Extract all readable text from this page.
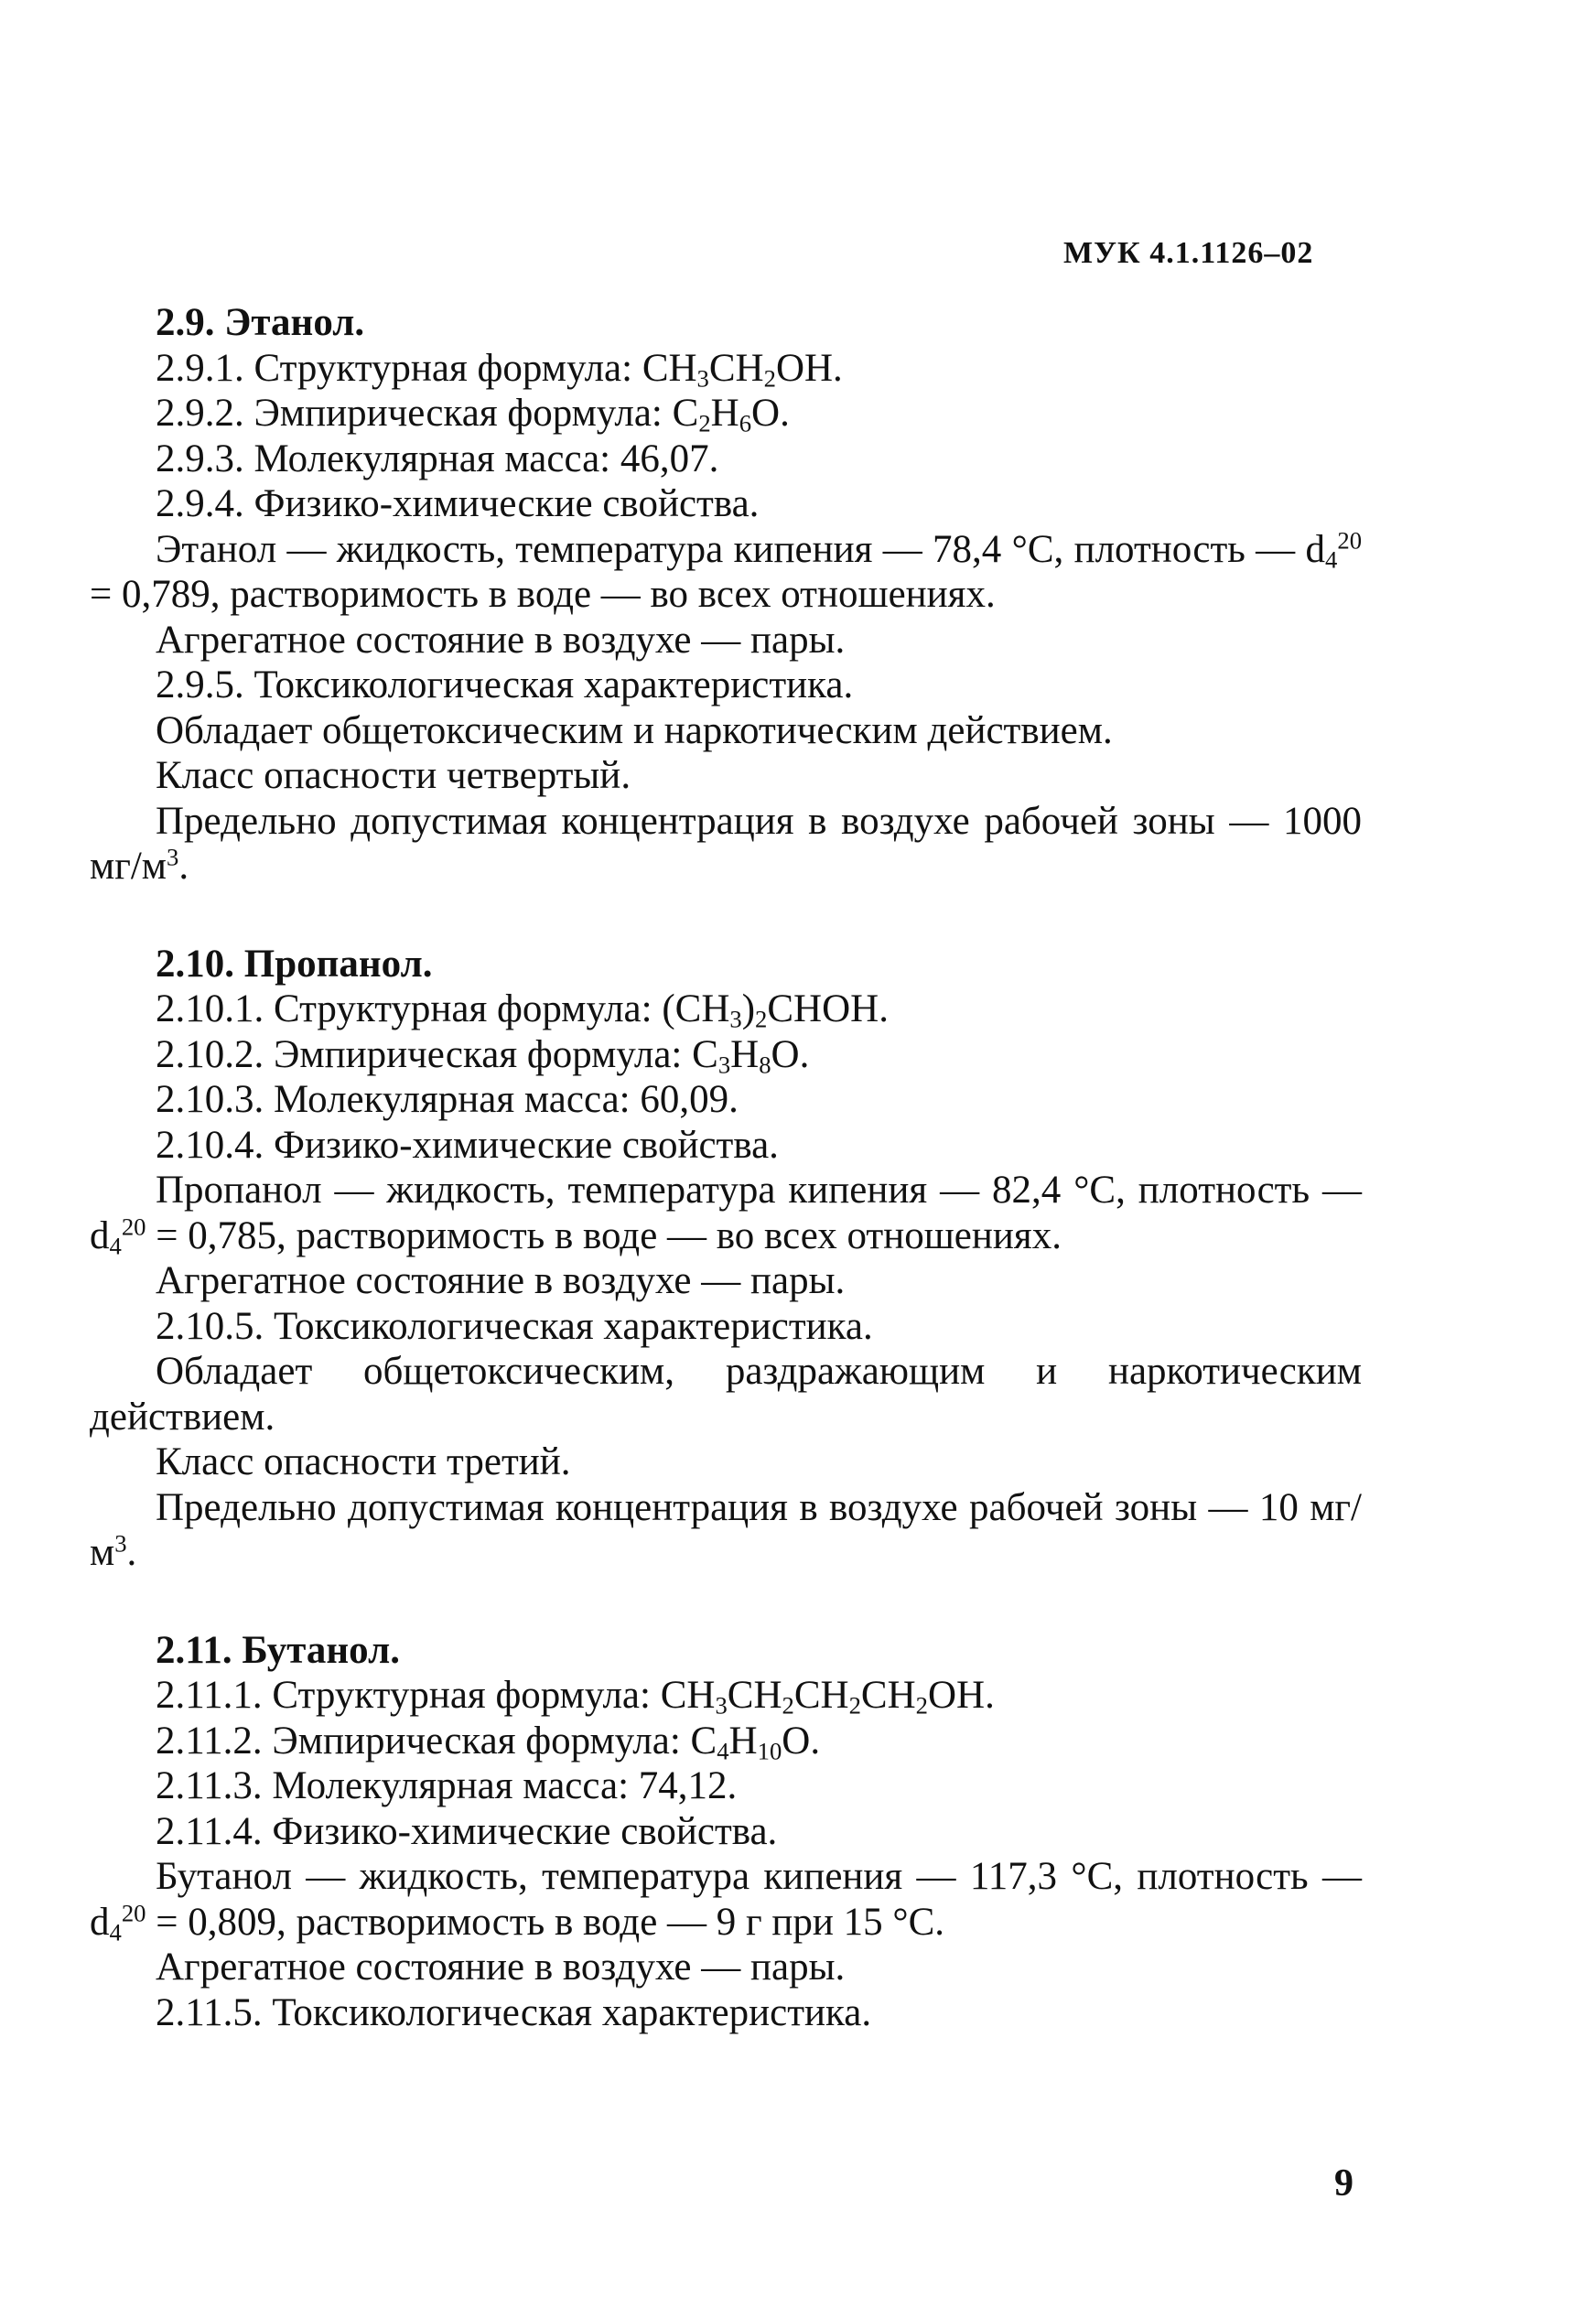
МУК 4.1.1126–02

2.9. Этанол.

2.9.1. Структурная формула: $CH_3CH_2OH$.

2.9.2. Эмпирическая формула: $C_2H_6O$.

2.9.3. Молекулярная масса: 46,07.

2.9.4. Физико-химические свойства.

Этанол — жидкость, температура кипения — 78,4 °С, плотность — $d_4^{20} = 0,789$, растворимость в воде — во всех отношениях.

Агрегатное состояние в воздухе — пары.

2.9.5. Токсикологическая характеристика.

Обладает общетоксическим и наркотическим действием.

Класс опасности четвертый.

Предельно допустимая концентрация в воздухе рабочей зоны — 1000 $мг/м^3$.

2.10. Пропанол.

2.10.1. Структурная формула: $(CH_3)_2CHOH$.

2.10.2. Эмпирическая формула: $C_3H_8O$.

2.10.3. Молекулярная масса: 60,09.

2.10.4. Физико-химические свойства.

Пропанол — жидкость, температура кипения — 82,4 °С, плотность — $d_4^{20} = 0,785$, растворимость в воде — во всех отношениях.

Агрегатное состояние в воздухе — пары.

2.10.5. Токсикологическая характеристика.

Обладает общетоксическим, раздражающим и наркотическим действием.

Класс опасности третий.

Предельно допустимая концентрация в воздухе рабочей зоны — 10 $мг/м^3$.

2.11. Бутанол.

2.11.1. Структурная формула: $CH_3CH_2CH_2CH_2OH$.

2.11.2. Эмпирическая формула: $C_4H_{10}O$.

2.11.3. Молекулярная масса: 74,12.

2.11.4. Физико-химические свойства.

Бутанол — жидкость, температура кипения — 117,3 °С, плотность — $d_4^{20} = 0,809$, растворимость в воде — 9 г при 15 °С.

Агрегатное состояние в воздухе — пары.

2.11.5. Токсикологическая характеристика.

9
